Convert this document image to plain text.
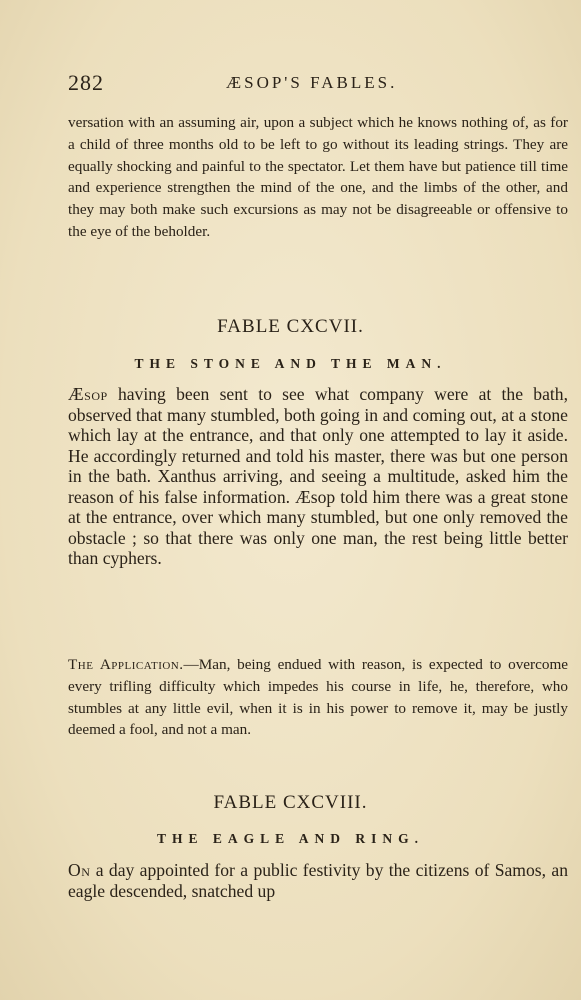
282	ÆSOP'S FABLES.

versation with an assuming air, upon a subject which he knows nothing of, as for a child of three months old to be left to go without its leading strings. They are equally shocking and painful to the spectator. Let them have but patience till time and experience strengthen the mind of the one, and the limbs of the other, and they may both make such excursions as may not be disagreeable or offensive to the eye of the beholder.

FABLE CXCVII.
THE STONE AND THE MAN.

Æsop having been sent to see what company were at the bath, observed that many stumbled, both going in and coming out, at a stone which lay at the entrance, and that only one attempted to lay it aside. He accordingly returned and told his master, there was but one person in the bath. Xanthus arriving, and seeing a multitude, asked him the reason of his false information. Æsop told him there was a great stone at the entrance, over which many stumbled, but one only removed the obstacle ; so that there was only one man, the rest being little better than cyphers.

The Application.—Man, being endued with reason, is expected to overcome every trifling difficulty which impedes his course in life, he, therefore, who stumbles at any little evil, when it is in his power to remove it, may be justly deemed a fool, and not a man.

FABLE CXCVIII.
THE EAGLE AND RING.

On a day appointed for a public festivity by the citizens of Samos, an eagle descended, snatched up
